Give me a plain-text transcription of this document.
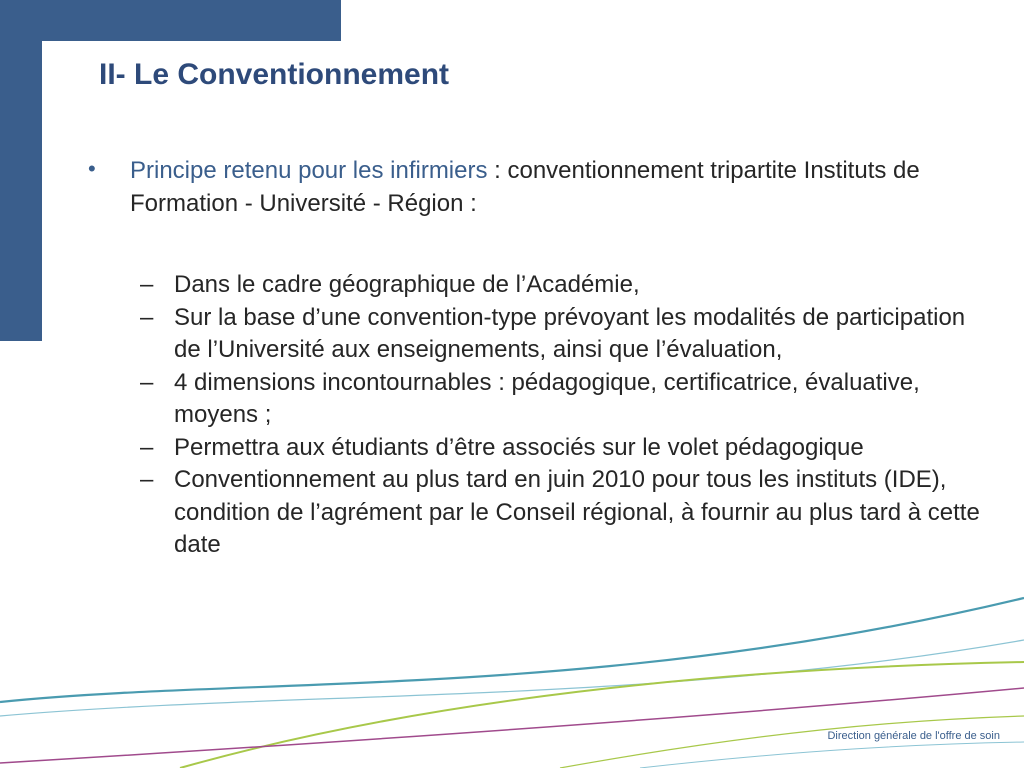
II- Le Conventionnement
• Principe retenu pour les infirmiers : conventionnement tripartite Instituts de Formation - Université - Région :

– Dans le cadre géographique de l’Académie,
– Sur la base d’une convention-type prévoyant les modalités de participation de l’Université aux enseignements, ainsi que l’évaluation,
– 4 dimensions incontournables : pédagogique, certificatrice, évaluative, moyens ;
– Permettra aux étudiants d’être associés sur le volet pédagogique
– Conventionnement au plus tard en juin 2010 pour tous les instituts (IDE), condition de l’agrément par le Conseil régional, à fournir au plus tard à cette date
Direction générale de l'offre de soin
